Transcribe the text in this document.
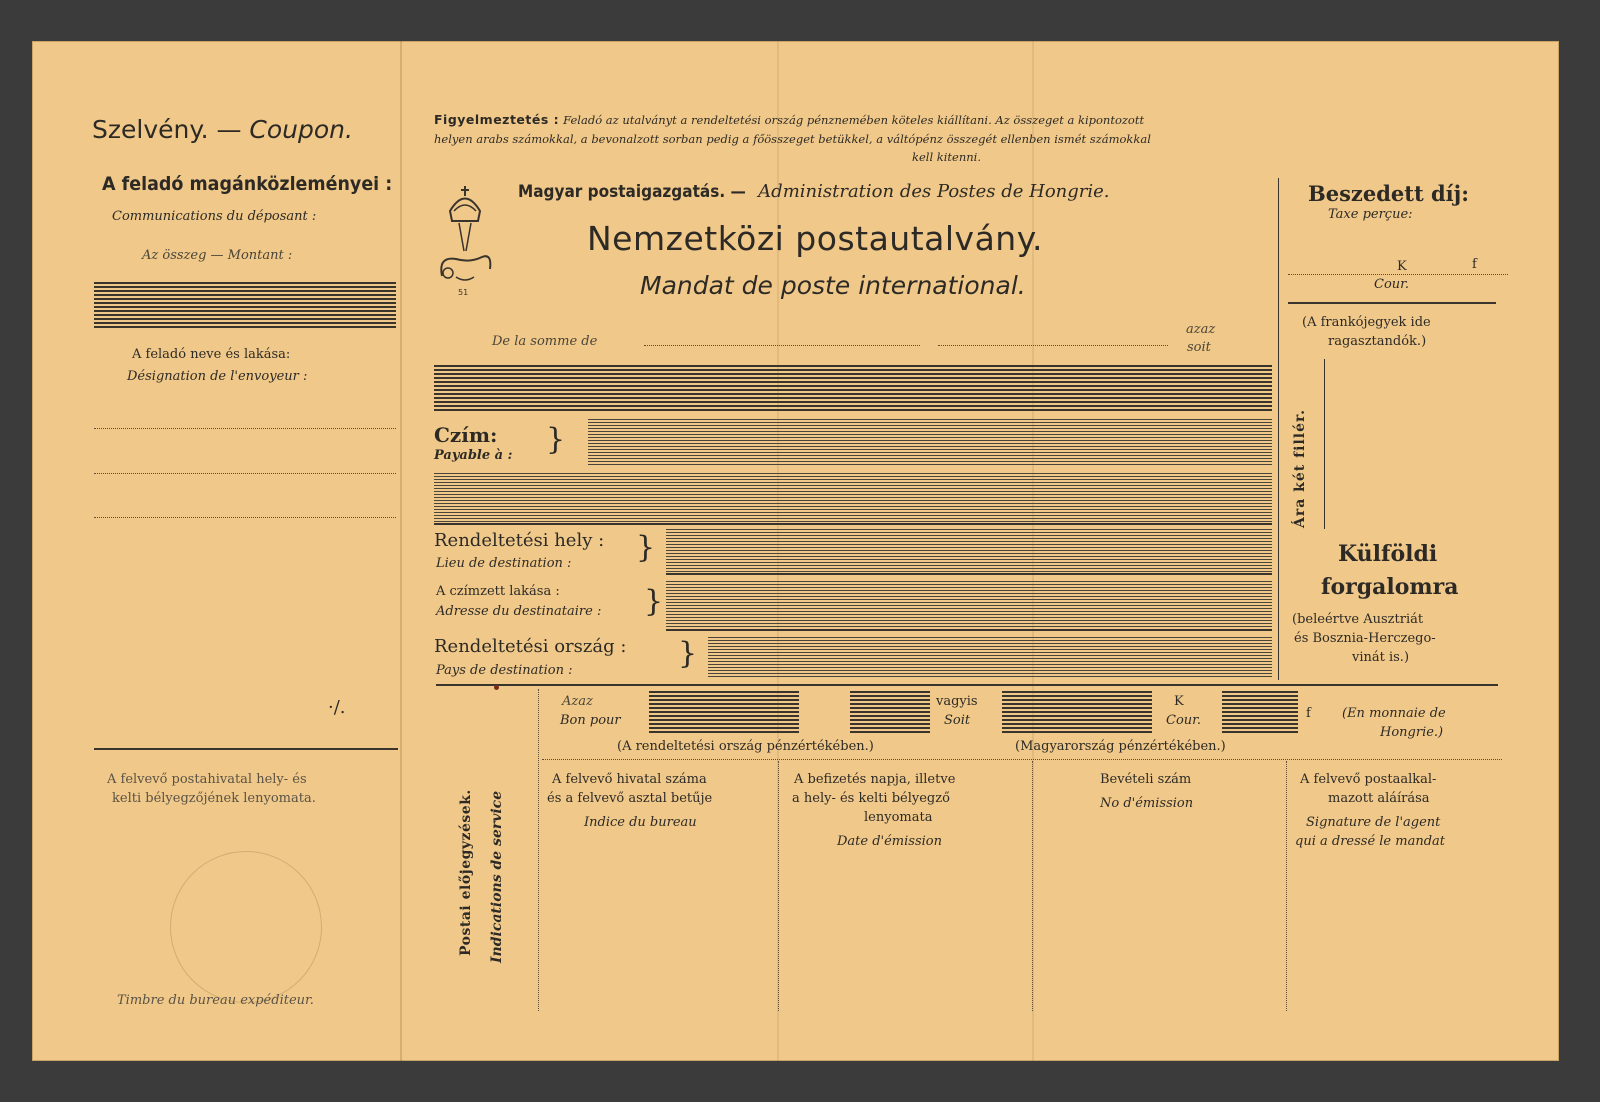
Szelvény. — Coupon.
A feladó magánközleményei :
Communications du déposant :
Az összeg — Montant :
A feladó neve és lakása:
Désignation de l'envoyeur :
·/.
A felvevő postahivatal hely- és
kelti bélyegzőjének lenyomata.
Timbre du bureau expéditeur.
Figyelmeztetés : Feladó az utalványt a rendeltetési ország pénznemében köteles kiállítani. Az összeget a kipontozott
helyen arabs számokkal, a bevonalzott sorban pedig a főösszeget betükkel, a váltópénz összegét ellenben ismét számokkal
kell kitenni.
51
Magyar postaigazgatás. — Administration des Postes de Hongrie.
Nemzetközi postautalvány.
Mandat de poste international.
Beszedett díj:
Taxe perçue:
K	f
Cour.
(A frankójegyek ide
ragasztandók.)
Ára két fillér.
Külföldi
forgalomra
(beleértve Ausztriát
és Bosznia-Herczego-
vinát is.)
De la somme de
azaz
soit
Czím:
Payable à : }
Rendeltetési hely :
Lieu de destination : }
A czímzett lakása :
Adresse du destinataire : }
Rendeltetési ország :
Pays de destination :	}
Postai előjegyzések. Indications de service
Azaz
Bon pour
vagyis
Soit
K
Cour.	f (En monnaie de
Hongrie.)
(A rendeltetési ország pénzértékében.)	(Magyarország pénzértékében.)
A felvevő hivatal száma
és a felvevő asztal betűje
Indice du bureau
A befizetés napja, illetve
a hely- és kelti bélyegző
lenyomata
Date d'émission
Bevételi szám
No d'émission
A felvevő postaalkal-
mazott aláírása
Signature de l'agent
qui a dressé le mandat
